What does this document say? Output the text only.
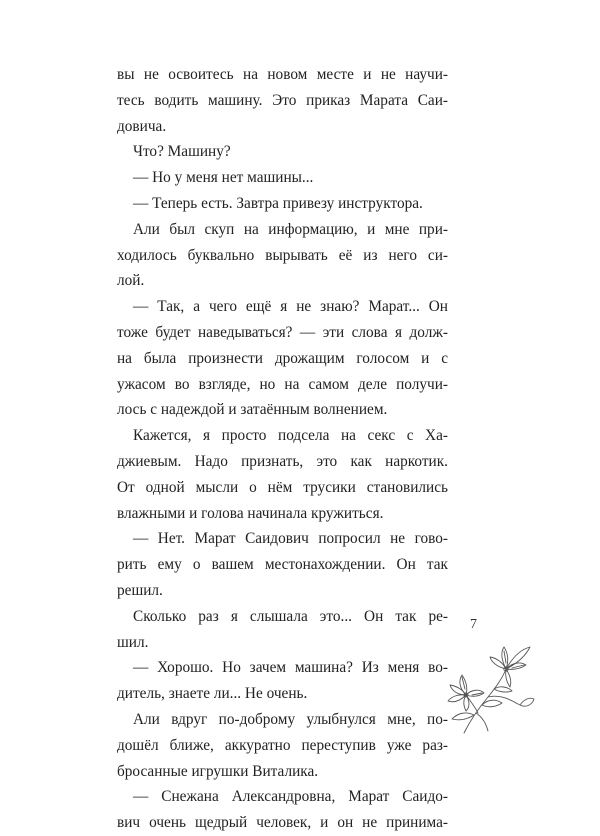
вы не освоитесь на новом месте и не научи-
тесь водить машину. Это приказ Марата Саи-
довича.
Что? Машину?
— Но у меня нет машины...
— Теперь есть. Завтра привезу инструктора.
Али был скуп на информацию, и мне при-
ходилось буквально вырывать её из него си-
лой.
— Так, а чего ещё я не знаю? Марат... Он
тоже будет наведываться? — эти слова я долж-
на была произнести дрожащим голосом и с
ужасом во взгляде, но на самом деле получи-
лось с надеждой и затаённым волнением.
Кажется, я просто подсела на секс с Ха-
джиевым. Надо признать, это как наркотик.
От одной мысли о нём трусики становились
влажными и голова начинала кружиться.
— Нет. Марат Саидович попросил не гово-
рить ему о вашем местонахождении. Он так
решил.
Сколько раз я слышала это... Он так ре-
шил.
— Хорошо. Но зачем машина? Из меня во-
дитель, знаете ли... Не очень.
Али вдруг по-доброму улыбнулся мне, по-
дошёл ближе, аккуратно переступив уже раз-
бросанные игрушки Виталика.
— Снежана Александровна, Марат Саидо-
вич очень щедрый человек, и он не принима-
7
